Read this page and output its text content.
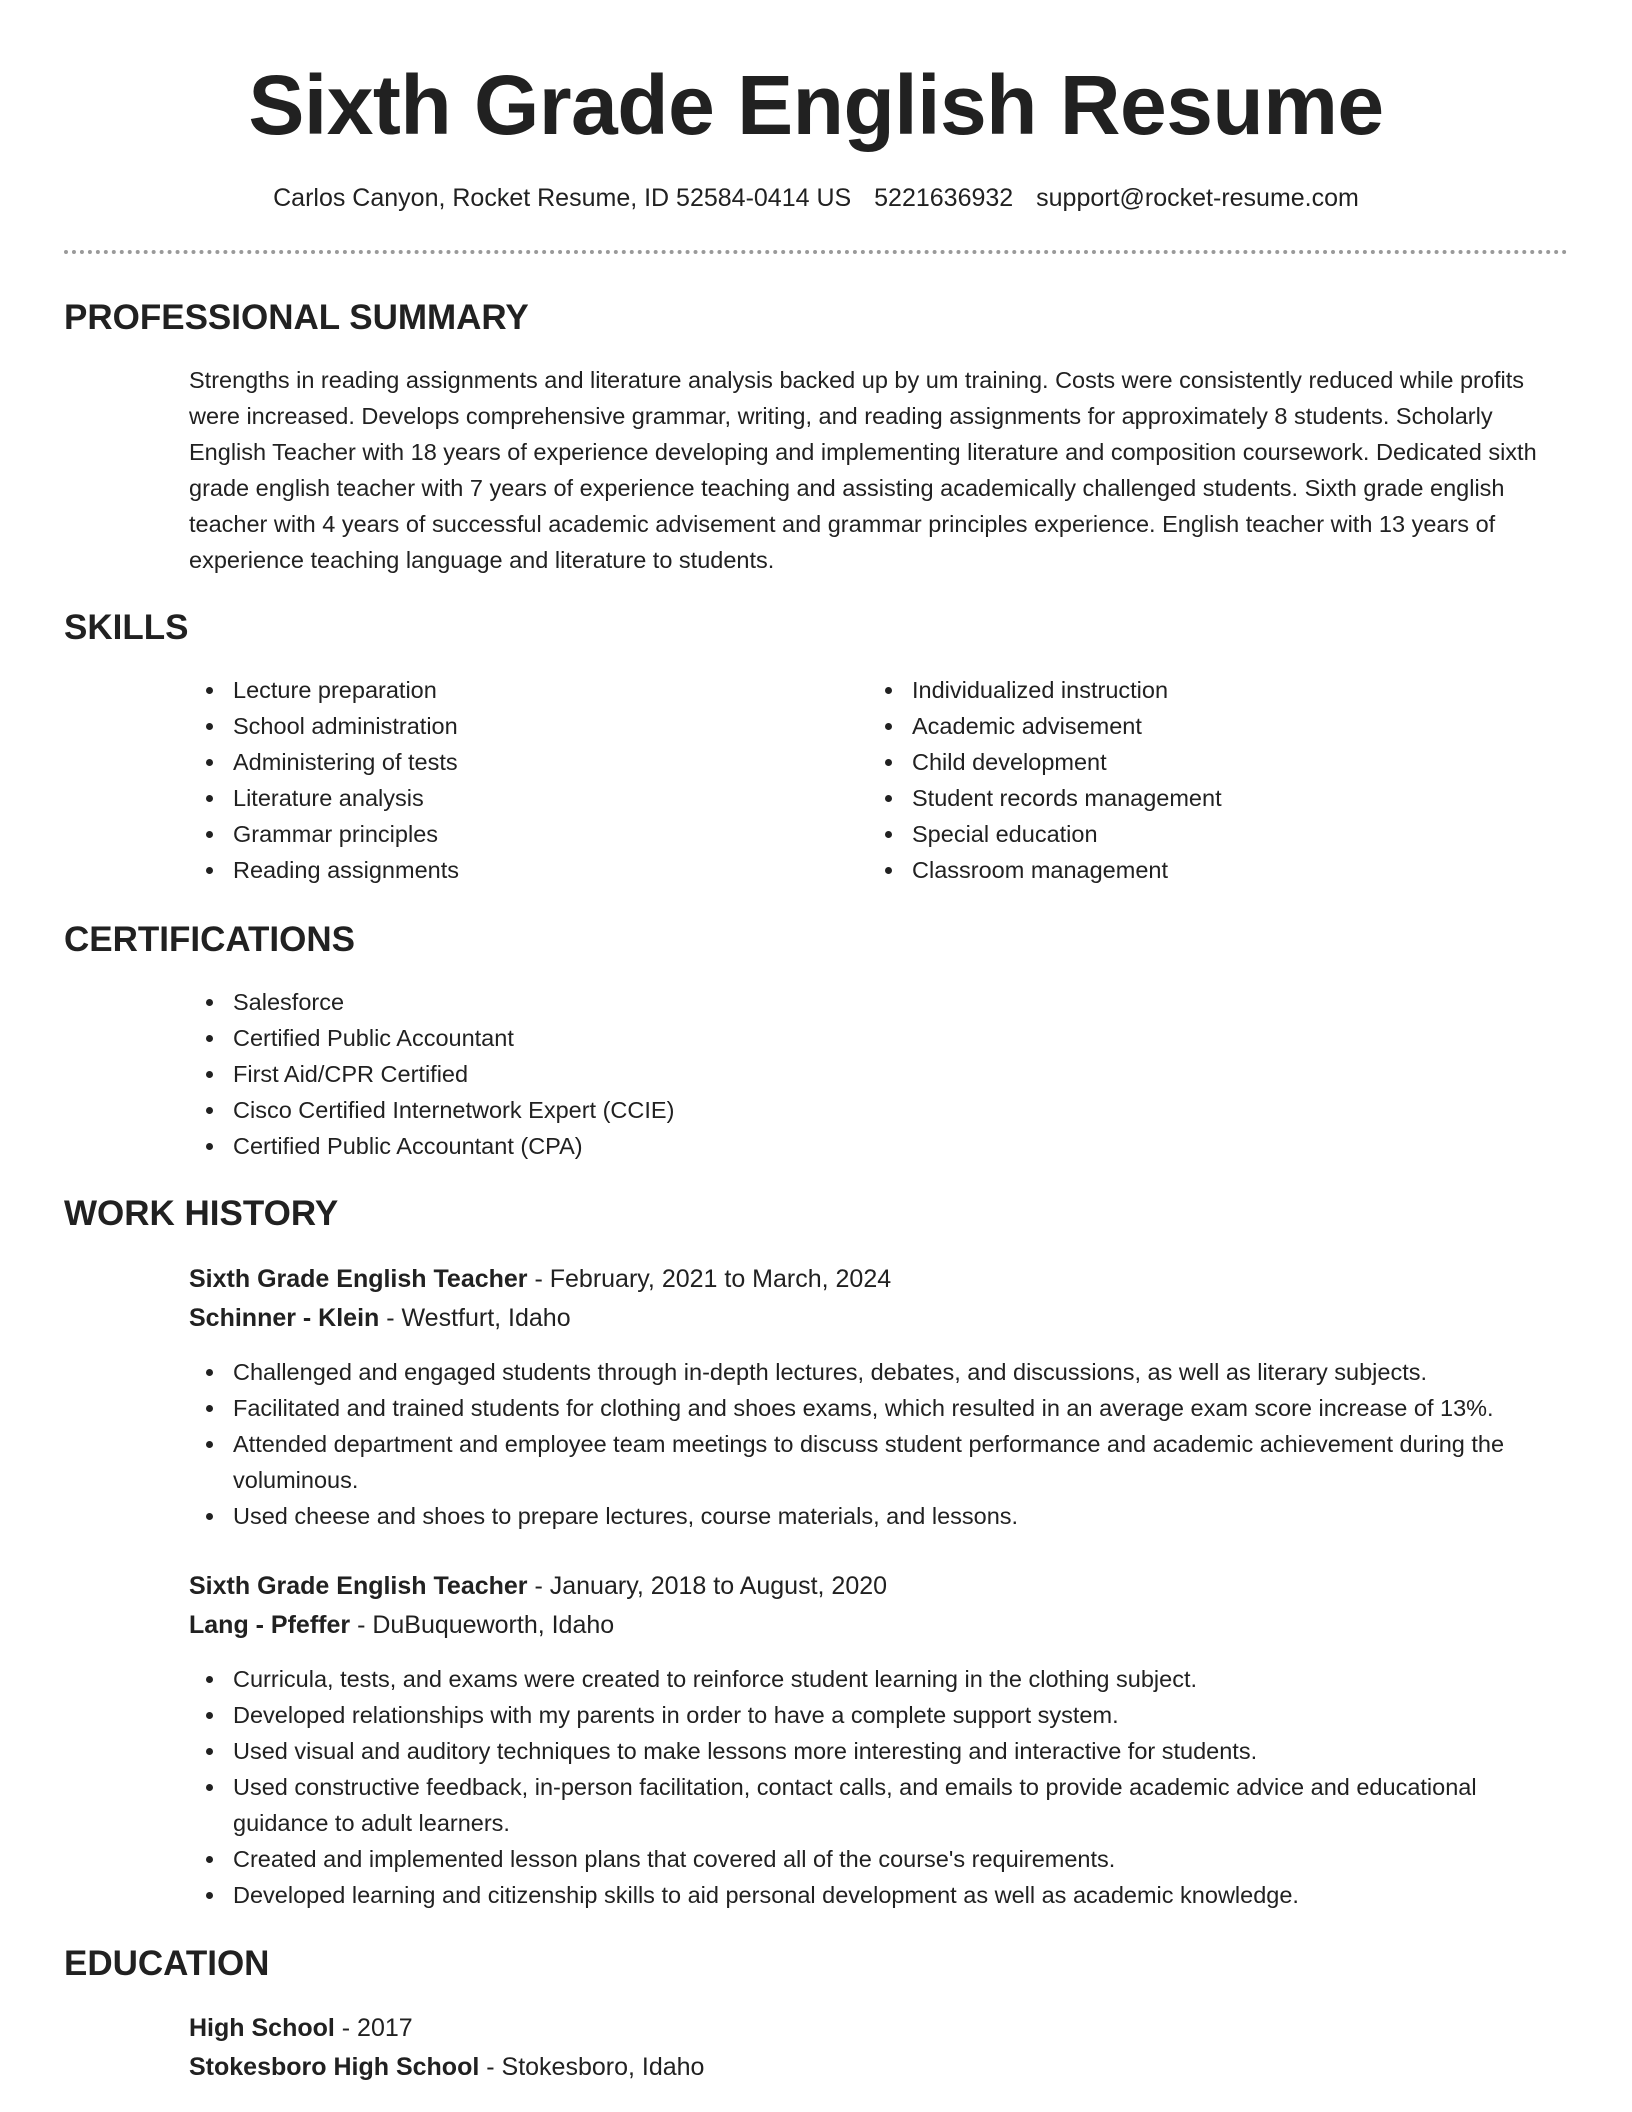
Sixth Grade English Resume
Carlos Canyon, Rocket Resume, ID 52584-0414 US 5221636932 support@rocket-resume.com
PROFESSIONAL SUMMARY

Strengths in reading assignments and literature analysis backed up by um training. Costs were consistently reduced while profits were increased. Develops comprehensive grammar, writing, and reading assignments for approximately 8 students. Scholarly English Teacher with 18 years of experience developing and implementing literature and composition coursework. Dedicated sixth grade english teacher with 7 years of experience teaching and assisting academically challenged students. Sixth grade english teacher with 4 years of successful academic advisement and grammar principles experience. English teacher with 13 years of experience teaching language and literature to students.

SKILLS
Lecture preparation
School administration
Administering of tests
Literature analysis
Grammar principles
Reading assignments
Individualized instruction
Academic advisement
Child development
Student records management
Special education
Classroom management
CERTIFICATIONS
Salesforce
Certified Public Accountant
First Aid/CPR Certified
Cisco Certified Internetwork Expert (CCIE)
Certified Public Accountant (CPA)
WORK HISTORY
Sixth Grade English Teacher - February, 2021 to March, 2024
Schinner - Klein - Westfurt, Idaho
Challenged and engaged students through in-depth lectures, debates, and discussions, as well as literary subjects.
Facilitated and trained students for clothing and shoes exams, which resulted in an average exam score increase of 13%.
Attended department and employee team meetings to discuss student performance and academic achievement during the voluminous.
Used cheese and shoes to prepare lectures, course materials, and lessons.
Sixth Grade English Teacher - January, 2018 to August, 2020
Lang - Pfeffer - DuBuqueworth, Idaho
Curricula, tests, and exams were created to reinforce student learning in the clothing subject.
Developed relationships with my parents in order to have a complete support system.
Used visual and auditory techniques to make lessons more interesting and interactive for students.
Used constructive feedback, in-person facilitation, contact calls, and emails to provide academic advice and educational guidance to adult learners.
Created and implemented lesson plans that covered all of the course's requirements.
Developed learning and citizenship skills to aid personal development as well as academic knowledge.
EDUCATION
High School - 2017
Stokesboro High School - Stokesboro, Idaho
